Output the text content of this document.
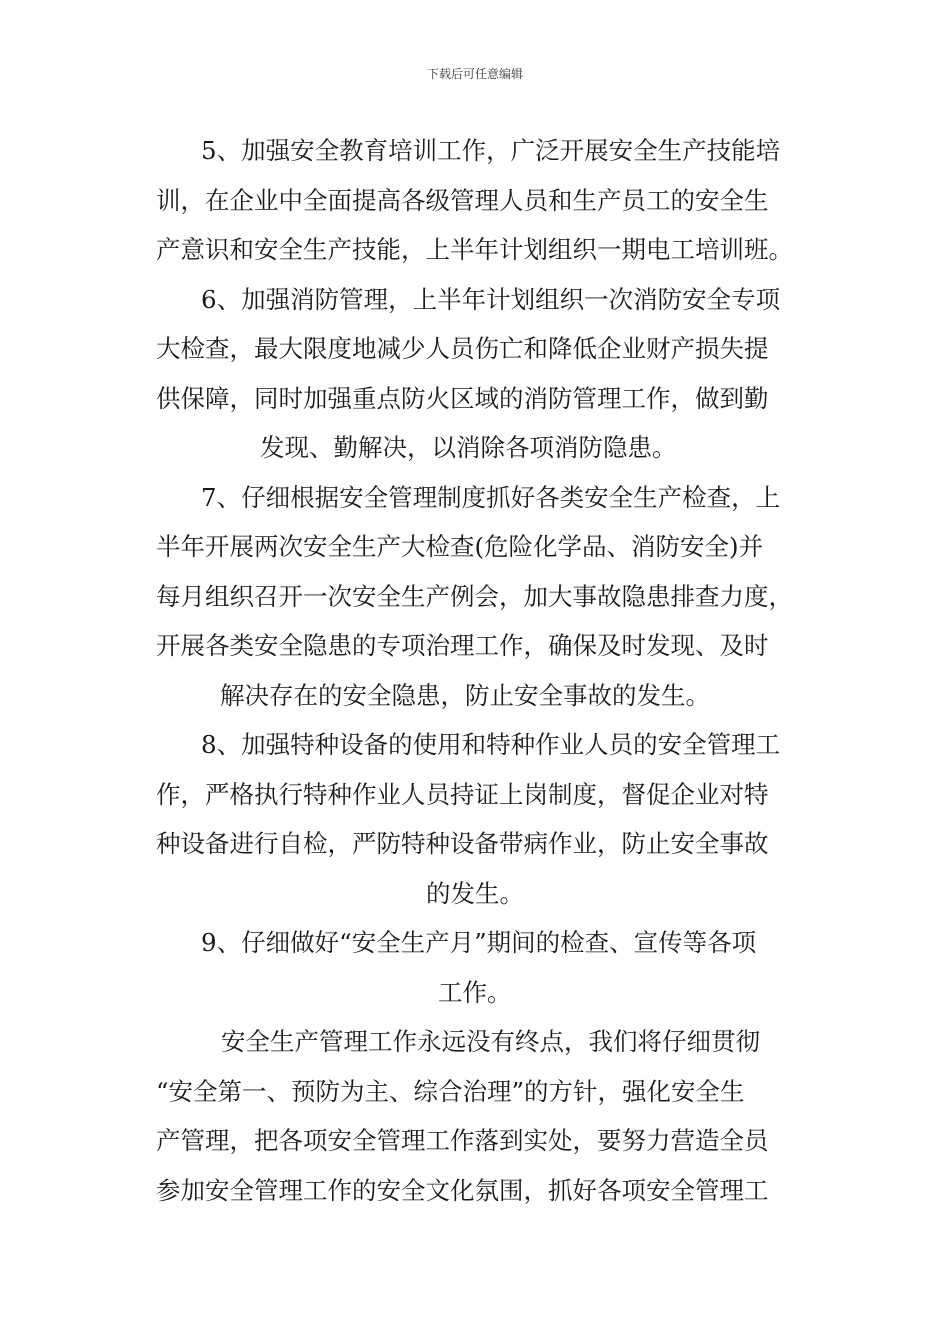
下载后可任意编辑
5、加强安全教育培训工作，广泛开展安全生产技能培
训，在企业中全面提高各级管理人员和生产员工的安全生
产意识和安全生产技能，上半年计划组织一期电工培训班。
6、加强消防管理，上半年计划组织一次消防安全专项
大检查，最大限度地减少人员伤亡和降低企业财产损失提
供保障，同时加强重点防火区域的消防管理工作，做到勤
发现、勤解决，以消除各项消防隐患。
7、仔细根据安全管理制度抓好各类安全生产检查，上
半年开展两次安全生产大检查(危险化学品、消防安全)并
每月组织召开一次安全生产例会，加大事故隐患排查力度，
开展各类安全隐患的专项治理工作，确保及时发现、及时
解决存在的安全隐患，防止安全事故的发生。
8、加强特种设备的使用和特种作业人员的安全管理工
作，严格执行特种作业人员持证上岗制度，督促企业对特
种设备进行自检，严防特种设备带病作业，防止安全事故
的发生。
9、仔细做好“安全生产月”期间的检查、宣传等各项
工作。
安全生产管理工作永远没有终点，我们将仔细贯彻
“安全第一、预防为主、综合治理”的方针，强化安全生
产管理，把各项安全管理工作落到实处，要努力营造全员
参加安全管理工作的安全文化氛围，抓好各项安全管理工
